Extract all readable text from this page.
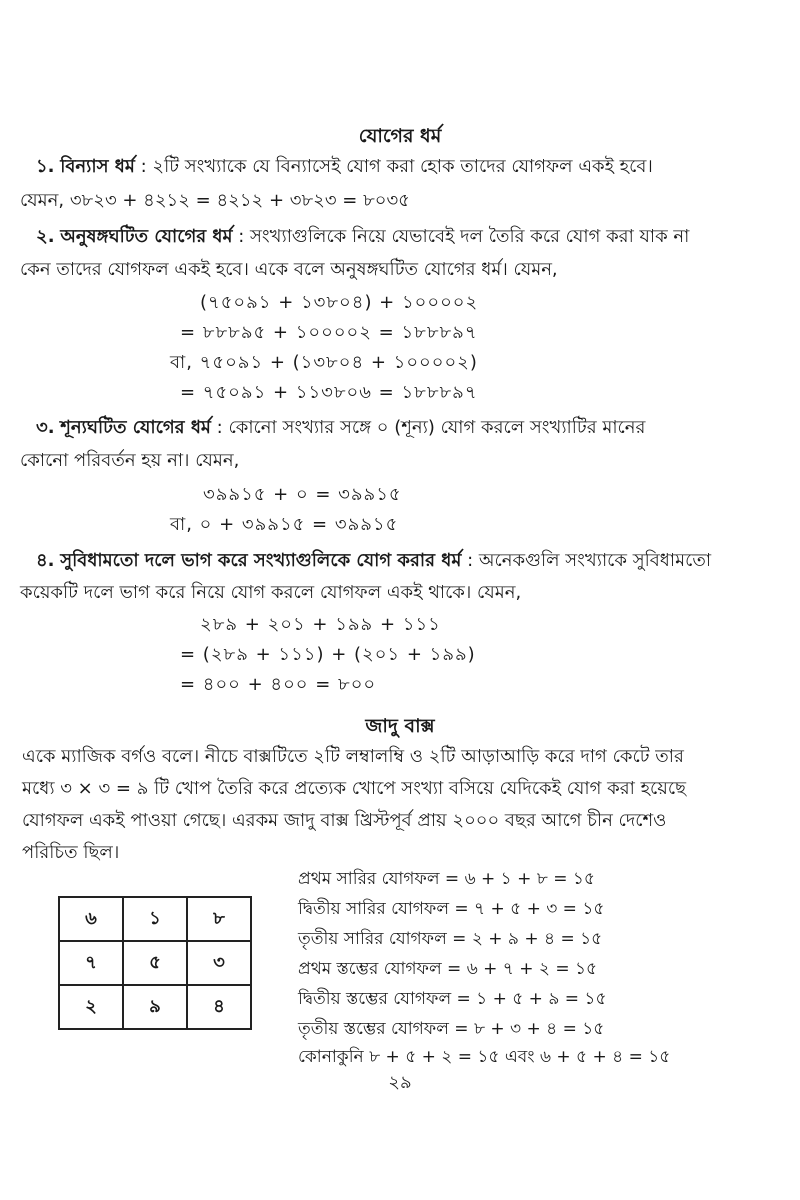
যোগের ধর্ম
১. বিন্যাস ধর্ম : ২টি সংখ্যাকে যে বিন্যাসেই যোগ করা হোক তাদের যোগফল একই হবে।
যেমন, ৩৮২৩ + ৪২১২ = ৪২১২ + ৩৮২৩ = ৮০৩৫
২. অনুষঙ্গঘটিত যোগের ধর্ম : সংখ্যাগুলিকে নিয়ে যেভাবেই দল তৈরি করে যোগ করা যাক না
কেন তাদের যোগফল একই হবে। একে বলে অনুষঙ্গঘটিত যোগের ধর্ম। যেমন,
(৭৫০৯১ + ১৩৮০৪) + ১০০০০২
= ৮৮৮৯৫ + ১০০০০২ = ১৮৮৮৯৭
বা, ৭৫০৯১ + (১৩৮০৪ + ১০০০০২)
= ৭৫০৯১ + ১১৩৮০৬ = ১৮৮৮৯৭
৩. শূন্যঘটিত যোগের ধর্ম : কোনো সংখ্যার সঙ্গে ০ (শূন্য) যোগ করলে সংখ্যাটির মানের
কোনো পরিবর্তন হয় না। যেমন,
৩৯৯১৫ + ০ = ৩৯৯১৫
বা, ০ + ৩৯৯১৫ = ৩৯৯১৫
৪. সুবিধামতো দলে ভাগ করে সংখ্যাগুলিকে যোগ করার ধর্ম : অনেকগুলি সংখ্যাকে সুবিধামতো
কয়েকটি দলে ভাগ করে নিয়ে যোগ করলে যোগফল একই থাকে। যেমন,
২৮৯ + ২০১ + ১৯৯ + ১১১
= (২৮৯ + ১১১) + (২০১ + ১৯৯)
= ৪০০ + ৪০০ = ৮০০
জাদু বাক্স
একে ম্যাজিক বর্গও বলে। নীচে বাক্সটিতে ২টি লম্বালম্বি ও ২টি আড়াআড়ি করে দাগ কেটে তার
মধ্যে ৩ × ৩ = ৯ টি খোপ তৈরি করে প্রত্যেক খোপে সংখ্যা বসিয়ে যেদিকেই যোগ করা হয়েছে
যোগফল একই পাওয়া গেছে। এরকম জাদু বাক্স খ্রিস্টপূর্ব প্রায় ২০০০ বছর আগে চীন দেশেও
পরিচিত ছিল।
৬	১	৮
৭	৫	৩
২	৯	৪
প্রথম সারির যোগফল = ৬ + ১ + ৮ = ১৫
দ্বিতীয় সারির যোগফল = ৭ + ৫ + ৩ = ১৫
তৃতীয় সারির যোগফল = ২ + ৯ + ৪ = ১৫
প্রথম স্তম্ভের যোগফল = ৬ + ৭ + ২ = ১৫
দ্বিতীয় স্তম্ভের যোগফল = ১ + ৫ + ৯ = ১৫
তৃতীয় স্তম্ভের যোগফল = ৮ + ৩ + ৪ = ১৫
কোনাকুনি ৮ + ৫ + ২ = ১৫ এবং ৬ + ৫ + ৪ = ১৫
২৯
